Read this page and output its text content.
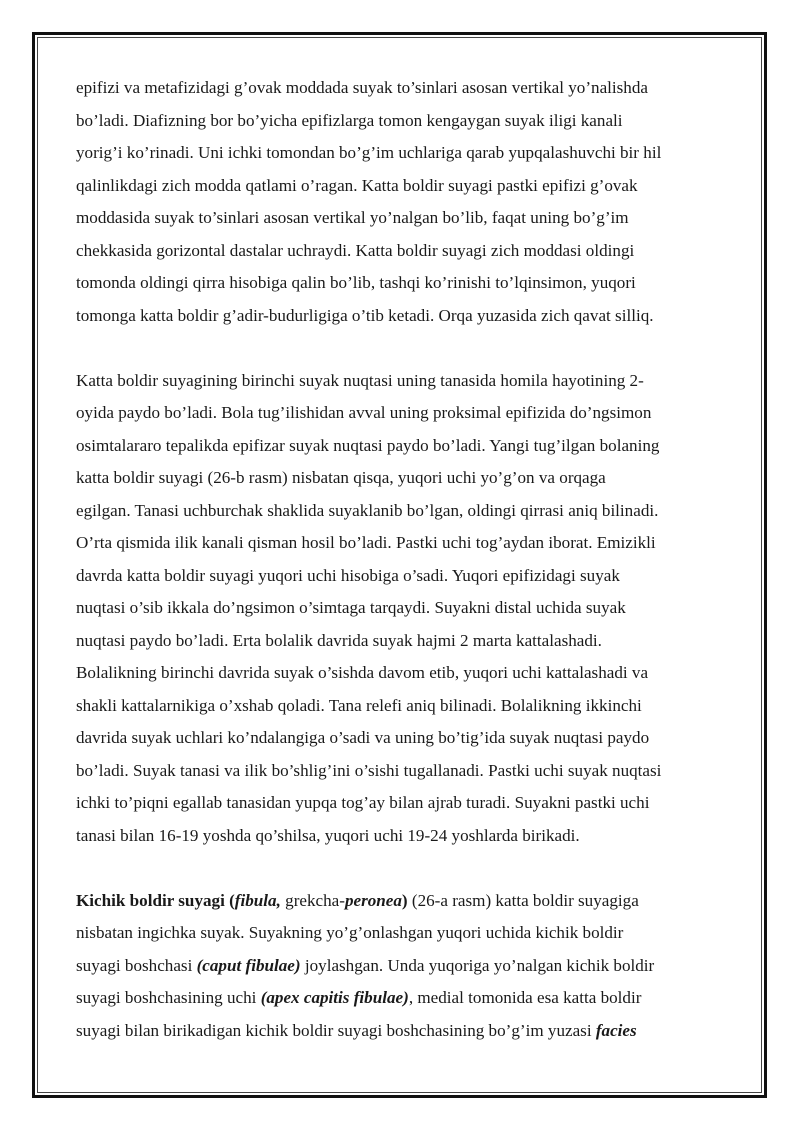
epifizi va metafizidagi g’ovak moddada suyak to’sinlari asosan vertikal yo’nalishda
bo’ladi. Diafizning bor bo’yicha epifizlarga tomon kengaygan suyak iligi kanali
yorig’i ko’rinadi. Uni ichki tomondan bo’g’im uchlariga qarab yupqalashuvchi bir hil
qalinlikdagi zich modda qatlami o’ragan. Katta boldir suyagi pastki epifizi g’ovak
moddasida suyak to’sinlari asosan vertikal yo’nalgan bo’lib, faqat uning bo’g’im
chekkasida gorizontal dastalar uchraydi. Katta boldir suyagi zich moddasi oldingi
tomonda oldingi qirra hisobiga qalin bo’lib, tashqi ko’rinishi to’lqinsimon, yuqori
tomonga katta boldir g’adir-budurligiga o’tib ketadi. Orqa yuzasida zich qavat silliq.

Katta boldir suyagining birinchi suyak nuqtasi uning tanasida homila hayotining 2-
oyida paydo bo’ladi. Bola tug’ilishidan avval uning proksimal epifizida do’ngsimon
osimtalararo tepalikda epifizar suyak nuqtasi paydo bo’ladi. Yangi tug’ilgan bolaning
katta boldir suyagi (26-b rasm) nisbatan qisqa, yuqori uchi yo’g’on va orqaga
egilgan. Tanasi uchburchak shaklida suyaklanib bo’lgan, oldingi qirrasi aniq bilinadi.
O’rta qismida ilik kanali qisman hosil bo’ladi. Pastki uchi tog’aydan iborat. Emizikli
davrda katta boldir suyagi yuqori uchi hisobiga o’sadi. Yuqori epifizidagi suyak
nuqtasi o’sib ikkala do’ngsimon o’simtaga tarqaydi. Suyakni distal uchida suyak
nuqtasi paydo bo’ladi. Erta bolalik davrida suyak hajmi 2 marta kattalashadi.
Bolalikning birinchi davrida suyak o’sishda davom etib, yuqori uchi kattalashadi va
shakli kattalarnikiga o’xshab qoladi. Tana relefi aniq bilinadi. Bolalikning ikkinchi
davrida suyak uchlari ko’ndalangiga o’sadi va uning bo’tig’ida suyak nuqtasi paydo
bo’ladi. Suyak tanasi va ilik bo’shlig’ini o’sishi tugallanadi. Pastki uchi suyak nuqtasi
ichki to’piqni egallab tanasidan yupqa tog’ay bilan ajrab turadi. Suyakni pastki uchi
tanasi bilan 16-19 yoshda qo’shilsa, yuqori uchi 19-24 yoshlarda birikadi.

Kichik boldir suyagi (fibula, grekcha-peronea) (26-a rasm) katta boldir suyagiga
nisbatan ingichka suyak. Suyakning yo’g’onlashgan yuqori uchida kichik boldir
suyagi boshchasi (caput fibulae) joylashgan. Unda yuqoriga yo’nalgan kichik boldir
suyagi boshchasining uchi (apex capitis fibulae), medial tomonida esa katta boldir
suyagi bilan birikadigan kichik boldir suyagi boshchasining bo’g’im yuzasi facies
